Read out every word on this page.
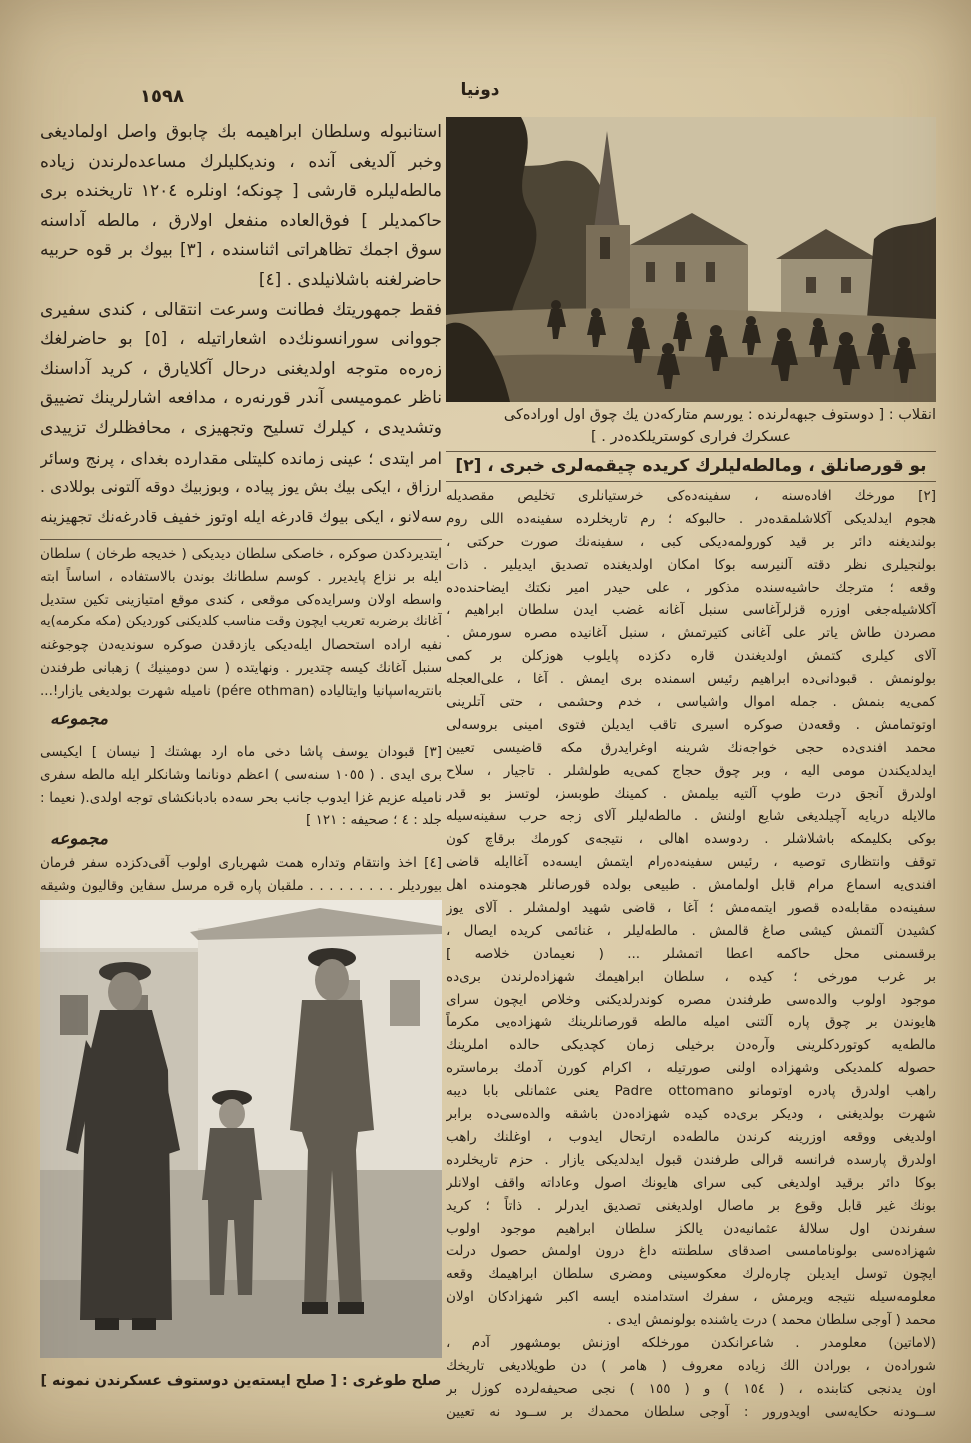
١٥٩٨	دونیا
استانبوله وسلطان ابراهیمه بك چابوق واصل اولمادیغی
وخبر آلدیغی آنده ، ونديكليلرك مساعده‌لرندن زیاده
مالطه‌لیلره قارشی [ چونكه؛ اونلره ١٢٠٤ تاریخنده بری
حاكمدیلر ] فوق‌العاده منفعل اولارق ، مالطه آداسنه
سوق اجمك تظاهراتی اثناسنده ، [٣] بیوك بر قوه حربیه
حاضرلغنه باشلانیلدی . [٤]
فقط جمهوریتك فطانت وسرعت انتقالی ، كندی سفیری
جووانی سورانسونك‌ده اشعاراتیله ، [٥] بو حاضرلغك
زه‌ره‌ه متوجه اولدیغنی درحال آكلایارق ، كرید آداسنك
ناظر عمومیسی آندر قورنه‌ره ، مدافعه اشارلرینك تضییق
وتشدیدی ، كیلرك تسلیح وتجهیزی ، محافظلرك تزییدی
امر ایتدی ؛ عینی زمانده كلیتلی مقدارده بغدای ، پرنج وسائر
ارزاق ، ایكی بیك بش یوز پیاده ، وبوزبیك دوقه آلتونی بوللادی .
سه‌لانو ، ایكی بیوك قادرغه ایله اوتوز خفیف قادرغه‌نك تجهیزینه
ایتدیردكدن صوكره ، خاصكی سلطان دیدیكی ( خدیجه طرخان ) سلطان
ایله بر نزاع پایدیرر . كوسم سلطانك بوندن بالاستفاده ، اساساً ابته
واسطه اولان وسرایده‌كی موقعی ، كندی موقع امتیازینی تكین ستدیل
آغانك برضربه تعریب ایچون وقت مناسب كلدیكنی كوردیكن (مكه مكرمه)یه
نفیه اراده استحصال ایله‌دیكی یازدقدن صوكره سوندیه‌دن چوجوغنه
سنبل آغانك كیسه چتدیرر . ونهایتده ( سن دومینیك ) زهبانی طرفندن
بانتریه‌اسپانیا وایتالیاده (pére othman) نامیله شهرت بولدیغی یازار!...
مجموعه
[٣] قبودان یوسف پاشا دخی ماه ارد بهشتك [ نیسان ] ایكیسی
بری ایدی . ( ١٠٥٥ سنه‌سی ) اعظم دونانما وشانكلر ایله مالطه سفری
نامیله عزیم غزا ایدوب جانب بحر سه‌ده بادبانكشای توجه اولدی.( نعیما :
جلد : ٤ ؛ صحیفه : ١٢١ ]
مجموعه
[٤] اخذ وانتقام وتداره همت شهریاری اولوب آقی‌دكزده سفر فرمان
بیوردیلر . . . . . . . . . ملقبان پاره قره مرسل سفاین وقالیون وشیقه
صلح طوغری : [ صلح ایسته‌ین دوستوف عسكرندن نمونه ]
انقلاب : [ دوستوف جبهه‌لرنده : یورسم متاركه‌دن یك چوق اول اوراده‌كی
عسكرك فراری كوستریلكده‌در . ]
بو قورصانلق ، ومالطه‌لیلرك كریده چیقمه‌لری خبری ، [٢]
[٢] مورخك افاده‌سنه ، سفینه‌ده‌كی خرستیانلری تخلیص مقصدیله
هجوم ایدلدیكی آكلاشلمقده‌در . حالبوكه ؛ رم تاریخلرده سفینه‌ده اللی روم
بولندیغنه دائر بر قید كورولمه‌دیكی كبی ، سفینه‌نك صورت حركتی ،
بولنجیلری نظر دقته آلنیرسه بوكا امكان اولدیغنده تصدیق ایدیلیر . ذات
وقعه ؛ مترجك حاشیه‌سنده مذكور ، علی حیدر امیر نكتك ایضاحنده‌ده
آكلاشیله‌جغی اوزره قزلرآغاسی سنبل آغانه غضب ایدن سلطان ابراهیم ،
مصردن طاش یاتر علی آغانی كتیرتمش ، سنبل آغانیده مصره سورمش .
آلای كیلری كتمش اولدیغندن قاره دكزده پایلوب هوزكلن بر كمی
بولونمش . قبودانی‌ده ابراهیم رئیس اسمنده بری ایمش . آغا ، علی‌العجله
كمی‌یه بنمش . جمله اموال واشیاسی ، خدم وحشمی ، حتی آتلرینی
اوتوتمامش . وقعه‌دن صوكره اسیری تاقب ایدیلن فتوی امینی بروسه‌لی
محمد افندی‌ده حجی خواجه‌نك شرینه اوغرایدرق مكه قاضیسی تعیین
ایدلدیكندن مومی الیه ، وبر چوق حجاج كمی‌یه طولشلر . تاجیار ، سلاح
اولدرق آنجق درت طوپ آلتیه بیلمش . كمینك طوبسز، لوتسز بو قدر
مالایله دریایه آچیلدیغی شایع اولنش . مالطه‌لیلر آلای زجه حرب سفینه‌سیله
بوكی بكلیمكه باشلاشلر . ردوسده اهالی ، نتیجه‌ی كورمك برقاچ كون
توقف وانتظاری توصیه ، رئیس سفینه‌ده‌رام ایتمش ایسه‌ده آغاایله قاضی
افندی‌یه اسماع مرام قابل اولمامش . طبیعی بولده قورصانلر هجومنده اهل
سفینه‌ده مقابله‌ده قصور ایتمه‌مش ؛ آغا ، قاضی شهید اولمشلر . آلای یوز
كشیدن آلتمش كیشی صاغ قالمش . مالطه‌لیلر ، غنائمی كریده ایصال ،
برقسمنی محل حاكمه اعطا اتمشلر ... ( نعیمادن خلاصه ]
بر غرب مورخی ؛ كیده ، سلطان ابراهیمك شهزاده‌لرندن بری‌ده
موجود اولوب والده‌سی طرفندن مصره كوندرلدیكنی وخلاص ایچون سرای
هایوندن بر چوق پاره آلتنی امیله مالطه قورصانلرینك شهزاده‌یی مكرماً
مالطه‌یه كوتوردكلرینی وآره‌دن برخیلی زمان كچدیكی حالده املرینك
حصوله كلمدیكی وشهزاده اولنی صورتیله ، اكرام كورن آدمك برماستره
راهب اولدرق پادره اوتومانو Padre ottomano یعنی عثمانلی بابا دیبه
شهرت بولدیغنی ، ودیكر بری‌ده كیده شهزاده‌دن باشقه والده‌سی‌ده برابر
اولدیغی ووقعه اوزرینه كرندن مالطه‌ده ارتحال ایدوب ، اوغلنك راهب
اولدرق پارسده فرانسه قرالی طرفندن قبول ایدلدیكی یازار . حزم تاریخلرده
بوكا دائر برقید اولدیغی كبی سرای هایونك اصول وعاداته واقف اولانلر
بونك غیر قابل وقوع بر ماصال اولدیغنی تصدیق ایدرلر . ذاتاً ؛ كرید
سفرندن اول سلاله‌ٔ عثمانیه‌دن یالكز سلطان ابراهیم موجود اولوب
شهزاده‌سی بولونامامسی اصدقای سلطنته داغ درون اولمش حصول درلت
ایچون توسل ایدیلن چاره‌لرك معكوسینی ومضری سلطان ابراهیمك وقعه‌
معلومه‌سیله نتیجه ویرمش ، سفرك استدامنده ایسه اكبر شهزادكان اولان
محمد ( آوجی سلطان محمد ) درت یاشنده بولونمش ایدی .
(لاماتین) معلومدر . شاعرانكدن مورخلكه اوزنش بومشهور آدم ،
شوراده‌ن ، بورادن الك زیاده معروف ( هامر ) دن طویلادیغی تاریخك
اون یدنجی كتابنده ، ( ١٥٤ ) و ( ١٥٥ ) نجی صحیفه‌لرده كوزل بر
ســودنه حكایه‌سی اویدورور : آوجی سلطان محمدك بر ســود نه تعیین
